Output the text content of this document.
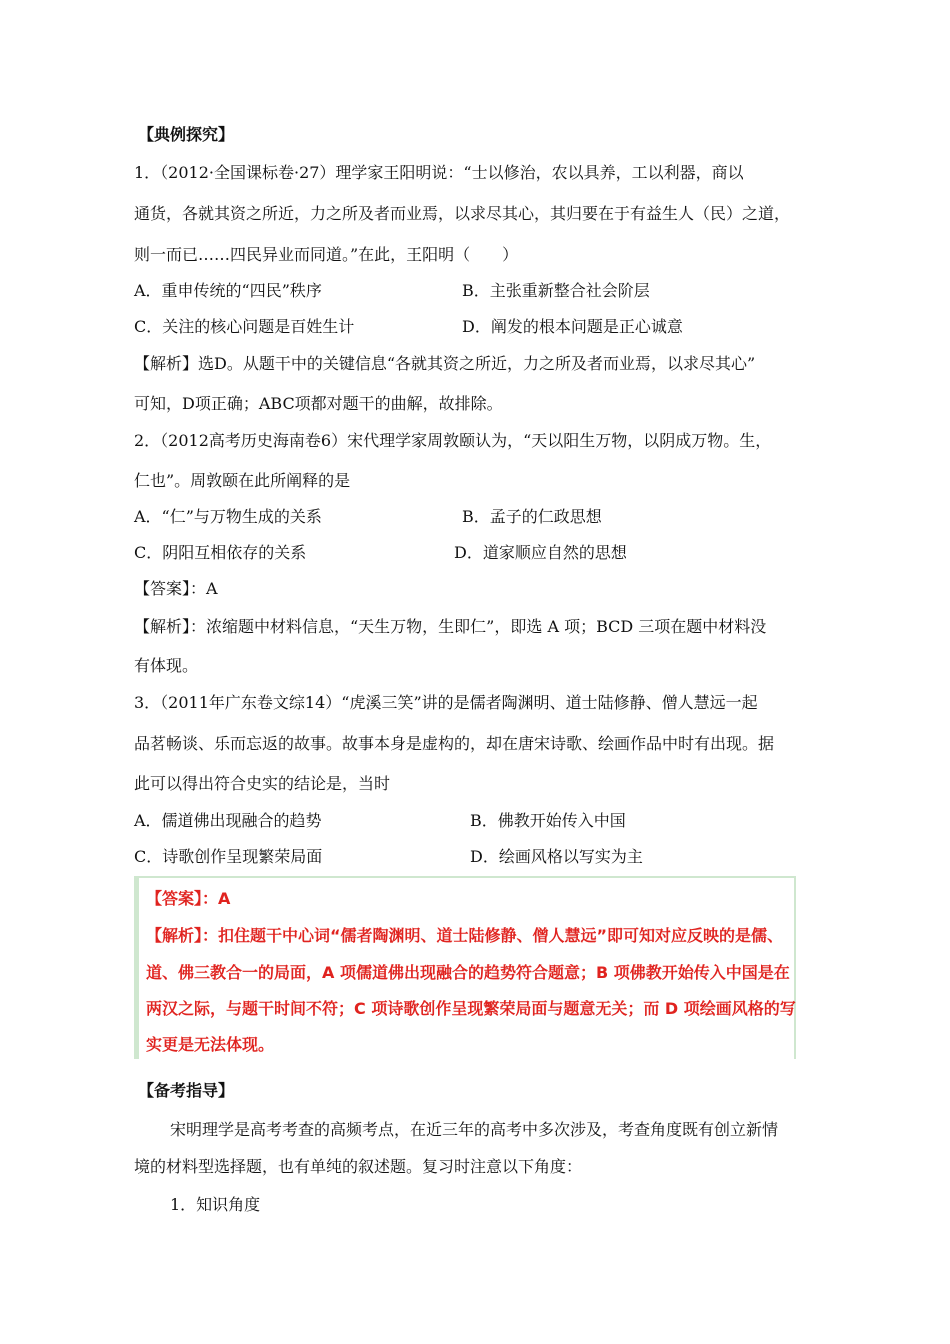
【典例探究】
1．（2012·全国课标卷·27）理学家王阳明说：“士以修治，农以具养，工以利器，商以
通货，各就其资之所近，力之所及者而业焉，以求尽其心，其归要在于有益生人（民）之道，
则一而已……四民异业而同道。”在此，王阳明（　　）
A．重申传统的“四民”秩序	B．主张重新整合社会阶层
C．关注的核心问题是百姓生计	D．阐发的根本问题是正心诚意
【解析】选D。从题干中的关键信息“各就其资之所近，力之所及者而业焉，以求尽其心”
可知，D项正确；ABC项都对题干的曲解，故排除。
2．（2012高考历史海南卷6）宋代理学家周敦颐认为，“天以阳生万物，以阴成万物。生，
仁也”。周敦颐在此所阐释的是
A．“仁”与万物生成的关系	B．孟子的仁政思想
C．阴阳互相依存的关系	D．道家顺应自然的思想
【答案】：A
【解析】：浓缩题中材料信息，“天生万物，生即仁”，即选 A 项；BCD 三项在题中材料没
有体现。
3．（2011年广东卷文综14）“虎溪三笑”讲的是儒者陶渊明、道士陆修静、僧人慧远一起
品茗畅谈、乐而忘返的故事。故事本身是虚构的，却在唐宋诗歌、绘画作品中时有出现。据
此可以得出符合史实的结论是，当时
A．儒道佛出现融合的趋势	B．佛教开始传入中国
C．诗歌创作呈现繁荣局面	D．绘画风格以写实为主
【答案】：A
【解析】：扣住题干中心词“儒者陶渊明、道士陆修静、僧人慧远”即可知对应反映的是儒、
道、佛三教合一的局面，A 项儒道佛出现融合的趋势符合题意；B 项佛教开始传入中国是在
两汉之际，与题干时间不符；C 项诗歌创作呈现繁荣局面与题意无关；而 D 项绘画风格的写
实更是无法体现。
【备考指导】
宋明理学是高考考查的高频考点，在近三年的高考中多次涉及，考查角度既有创立新情
境的材料型选择题，也有单纯的叙述题。复习时注意以下角度：
1．知识角度
